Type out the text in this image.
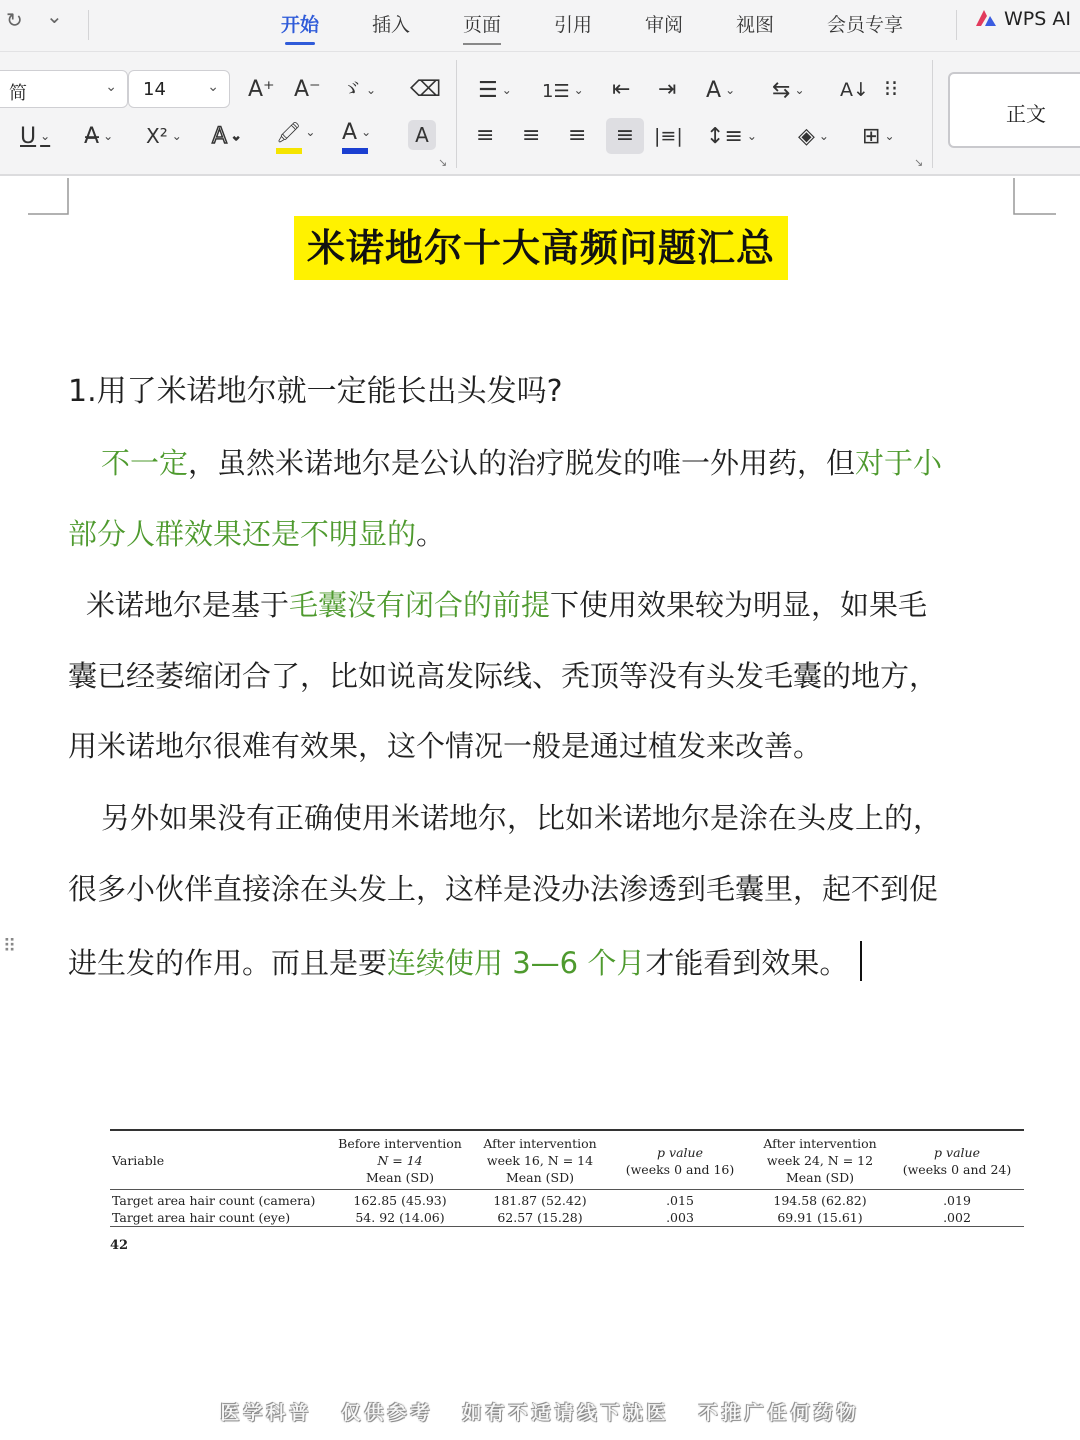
↻ ⌄	开始	插入	页面	引用	审阅	视图	会员专享	WPS AI
简	⌄ 14	⌄ A⁺ A⁻ ゞ ⌄ ⌫
U ⌄ A̶ ⌄ X² ⌄ A ⌄ 🖍 ⌄ A ⌄	A
↘
☰ ⌄ 1☰ ⌄ ⇤ ⇥ A ⌄ ⇆ ⌄ A↓ ⁝⁝
≡ ≡ ≡	≡	|≡| ↕≡ ⌄ ◈ ⌄ ⊞ ⌄
↘
正文
米诺地尔十大高频问题汇总
1.用了米诺地尔就一定能长出头发吗?
不一定，虽然米诺地尔是公认的治疗脱发的唯一外用药，但对于小
部分人群效果还是不明显的。
米诺地尔是基于毛囊没有闭合的前提下使用效果较为明显，如果毛
囊已经萎缩闭合了，比如说高发际线、秃顶等没有头发毛囊的地方，
用米诺地尔很难有效果，这个情况一般是通过植发来改善。
另外如果没有正确使用米诺地尔，比如米诺地尔是涂在头皮上的，
很多小伙伴直接涂在头发上，这样是没办法渗透到毛囊里，起不到促
进生发的作用。而且是要连续使用 3—6 个月才能看到效果。
⠿
Variable	Before intervention
N = 14
Mean (SD)	After intervention
week 16, N = 14
Mean (SD)	p value
(weeks 0 and 16)	After intervention
week 24, N = 12
Mean (SD)	p value
(weeks 0 and 24)
Target area hair count (camera)	162.85 (45.93)	181.87 (52.42)	.015	194.58 (62.82)	.019
Target area hair count (eye)	54. 92 (14.06)	62.57 (15.28)	.003	69.91 (15.61)	.002
42
医学科普 仅供参考 如有不适请线下就医 不推广任何药物
